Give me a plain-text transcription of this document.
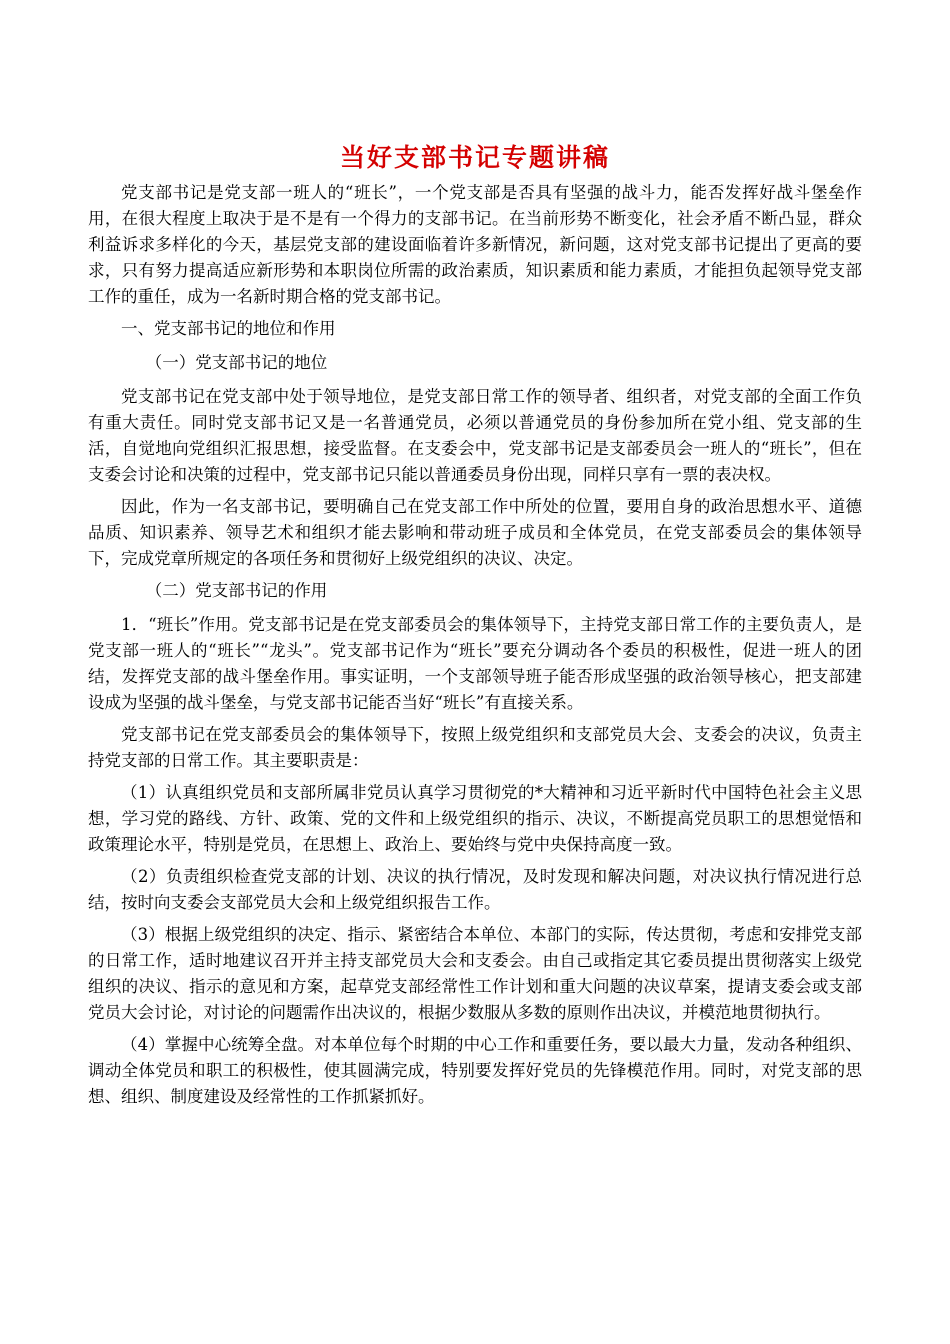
当好支部书记专题讲稿
党支部书记是党支部一班人的“班长”，一个党支部是否具有坚强的战斗力，能否发挥好战斗堡垒作用，在很大程度上取决于是不是有一个得力的支部书记。在当前形势不断变化，社会矛盾不断凸显，群众利益诉求多样化的今天，基层党支部的建设面临着许多新情况，新问题，这对党支部书记提出了更高的要求，只有努力提高适应新形势和本职岗位所需的政治素质，知识素质和能力素质，才能担负起领导党支部工作的重任，成为一名新时期合格的党支部书记。
一、党支部书记的地位和作用
（一）党支部书记的地位
党支部书记在党支部中处于领导地位，是党支部日常工作的领导者、组织者，对党支部的全面工作负有重大责任。同时党支部书记又是一名普通党员，必须以普通党员的身份参加所在党小组、党支部的生活，自觉地向党组织汇报思想，接受监督。在支委会中，党支部书记是支部委员会一班人的“班长”，但在支委会讨论和决策的过程中，党支部书记只能以普通委员身份出现，同样只享有一票的表决权。
因此，作为一名支部书记，要明确自己在党支部工作中所处的位置，要用自身的政治思想水平、道德品质、知识素养、领导艺术和组织才能去影响和带动班子成员和全体党员，在党支部委员会的集体领导下，完成党章所规定的各项任务和贯彻好上级党组织的决议、决定。
（二）党支部书记的作用
1．“班长”作用。党支部书记是在党支部委员会的集体领导下，主持党支部日常工作的主要负责人，是党支部一班人的“班长”“龙头”。党支部书记作为“班长”要充分调动各个委员的积极性，促进一班人的团结，发挥党支部的战斗堡垒作用。事实证明，一个支部领导班子能否形成坚强的政治领导核心，把支部建设成为坚强的战斗堡垒，与党支部书记能否当好“班长”有直接关系。
党支部书记在党支部委员会的集体领导下，按照上级党组织和支部党员大会、支委会的决议，负责主持党支部的日常工作。其主要职责是：
（1）认真组织党员和支部所属非党员认真学习贯彻党的*大精神和习近平新时代中国特色社会主义思想，学习党的路线、方针、政策、党的文件和上级党组织的指示、决议，不断提高党员职工的思想觉悟和政策理论水平，特别是党员，在思想上、政治上、要始终与党中央保持高度一致。
（2）负责组织检查党支部的计划、决议的执行情况，及时发现和解决问题，对决议执行情况进行总结，按时向支委会支部党员大会和上级党组织报告工作。
（3）根据上级党组织的决定、指示、紧密结合本单位、本部门的实际，传达贯彻，考虑和安排党支部的日常工作，适时地建议召开并主持支部党员大会和支委会。由自己或指定其它委员提出贯彻落实上级党组织的决议、指示的意见和方案，起草党支部经常性工作计划和重大问题的决议草案，提请支委会或支部党员大会讨论，对讨论的问题需作出决议的，根据少数服从多数的原则作出决议，并模范地贯彻执行。
（4）掌握中心统筹全盘。对本单位每个时期的中心工作和重要任务，要以最大力量，发动各种组织、调动全体党员和职工的积极性，使其圆满完成，特别要发挥好党员的先锋模范作用。同时，对党支部的思想、组织、制度建设及经常性的工作抓紧抓好。
